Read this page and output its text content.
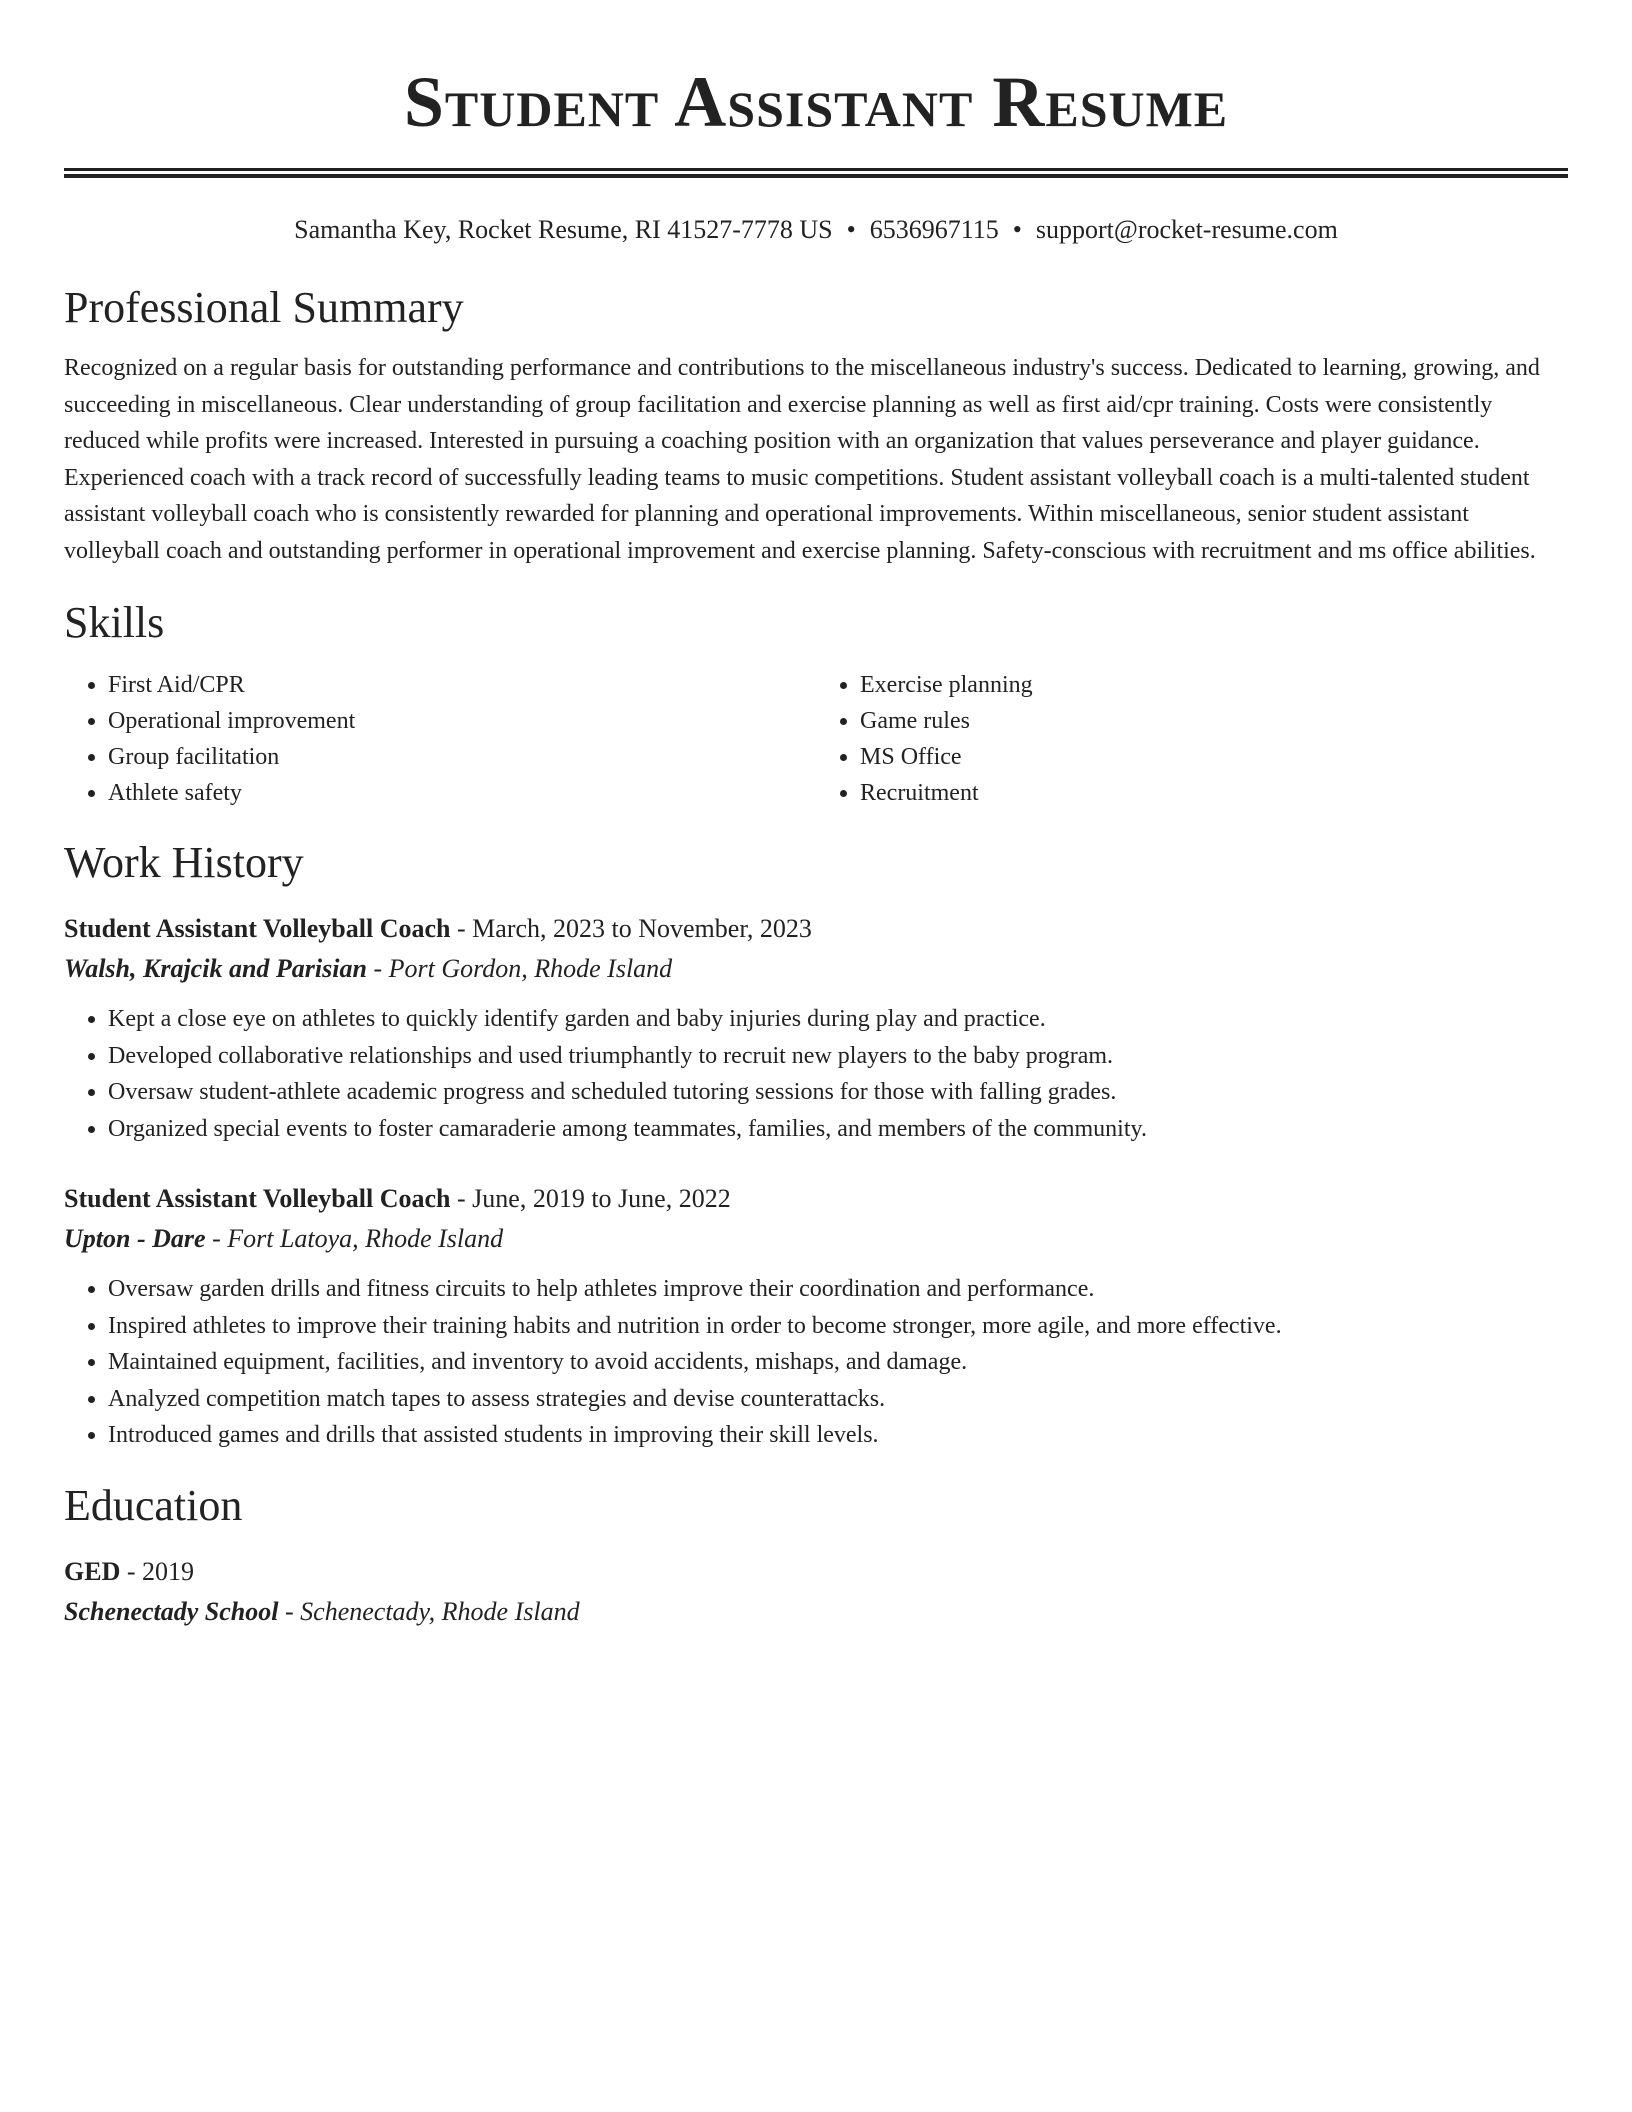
Student Assistant Resume
Samantha Key, Rocket Resume, RI 41527-7778 US • 6536967115 • support@rocket-resume.com
Professional Summary

Recognized on a regular basis for outstanding performance and contributions to the miscellaneous industry's success. Dedicated to learning, growing, and succeeding in miscellaneous. Clear understanding of group facilitation and exercise planning as well as first aid/cpr training. Costs were consistently reduced while profits were increased. Interested in pursuing a coaching position with an organization that values perseverance and player guidance. Experienced coach with a track record of successfully leading teams to music competitions. Student assistant volleyball coach is a multi-talented student assistant volleyball coach who is consistently rewarded for planning and operational improvements. Within miscellaneous, senior student assistant volleyball coach and outstanding performer in operational improvement and exercise planning. Safety-conscious with recruitment and ms office abilities.

Skills
• First Aid/CPR
• Operational improvement
• Group facilitation
• Athlete safety
• Exercise planning
• Game rules
• MS Office
• Recruitment
Work History
Student Assistant Volleyball Coach - March, 2023 to November, 2023
Walsh, Krajcik and Parisian - Port Gordon, Rhode Island
• Kept a close eye on athletes to quickly identify garden and baby injuries during play and practice.
• Developed collaborative relationships and used triumphantly to recruit new players to the baby program.
• Oversaw student-athlete academic progress and scheduled tutoring sessions for those with falling grades.
• Organized special events to foster camaraderie among teammates, families, and members of the community.
Student Assistant Volleyball Coach - June, 2019 to June, 2022
Upton - Dare - Fort Latoya, Rhode Island
• Oversaw garden drills and fitness circuits to help athletes improve their coordination and performance.
• Inspired athletes to improve their training habits and nutrition in order to become stronger, more agile, and more effective.
• Maintained equipment, facilities, and inventory to avoid accidents, mishaps, and damage.
• Analyzed competition match tapes to assess strategies and devise counterattacks.
• Introduced games and drills that assisted students in improving their skill levels.
Education
GED - 2019
Schenectady School - Schenectady, Rhode Island
